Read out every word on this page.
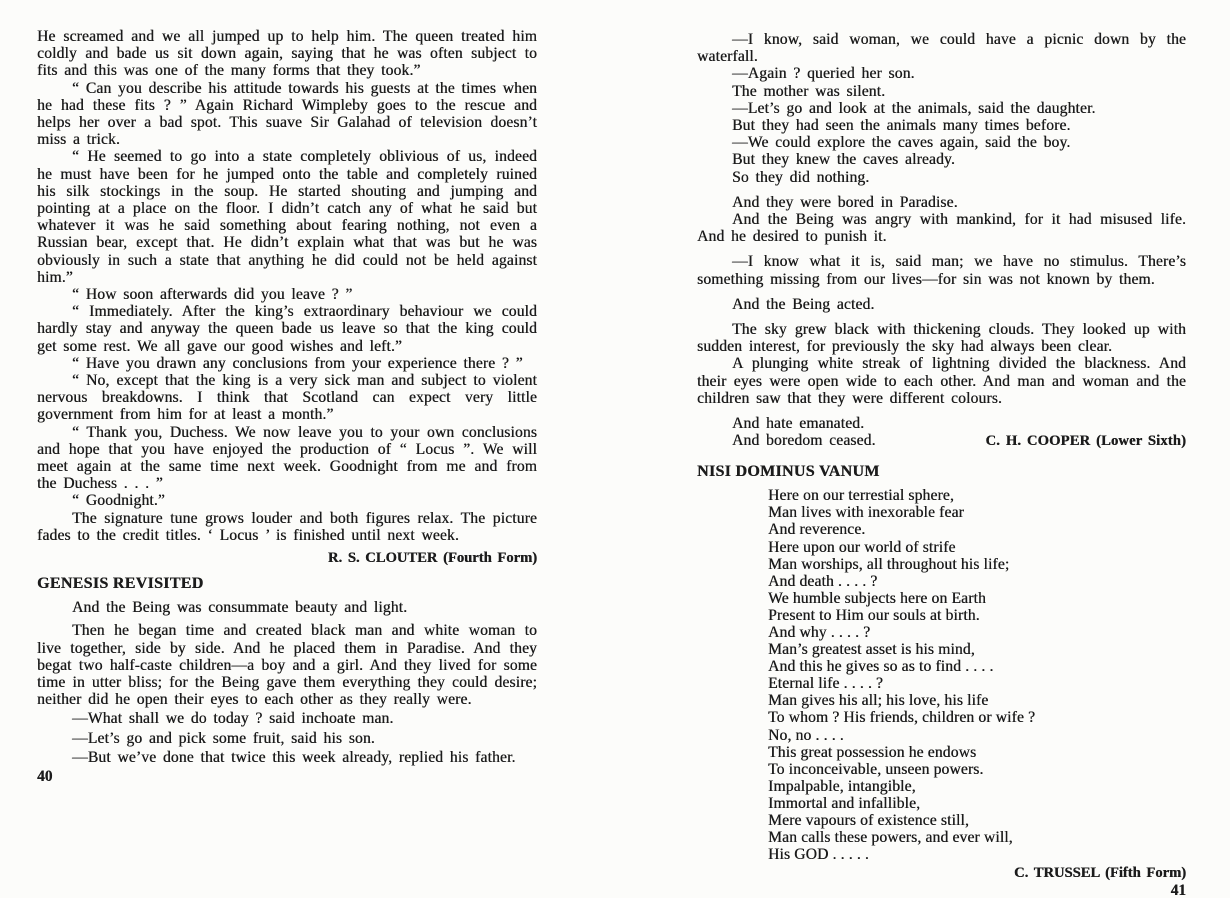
He screamed and we all jumped up to help him. The queen treated him coldly and bade us sit down again, saying that he was often subject to fits and this was one of the many forms that they took.”

“ Can you describe his attitude towards his guests at the times when he had these fits ? ” Again Richard Wimpleby goes to the rescue and helps her over a bad spot. This suave Sir Galahad of television doesn’t miss a trick.

“ He seemed to go into a state completely oblivious of us, indeed he must have been for he jumped onto the table and completely ruined his silk stockings in the soup. He started shouting and jumping and pointing at a place on the floor. I didn’t catch any of what he said but whatever it was he said something about fearing nothing, not even a Russian bear, except that. He didn’t explain what that was but he was obviously in such a state that anything he did could not be held against him.”

“ How soon afterwards did you leave ? ”

“ Immediately. After the king’s extraordinary behaviour we could hardly stay and anyway the queen bade us leave so that the king could get some rest. We all gave our good wishes and left.”

“ Have you drawn any conclusions from your experience there ? ”

“ No, except that the king is a very sick man and subject to violent nervous breakdowns. I think that Scotland can expect very little government from him for at least a month.”

“ Thank you, Duchess. We now leave you to your own conclusions and hope that you have enjoyed the production of “ Locus ”. We will meet again at the same time next week. Goodnight from me and from the Duchess . . . ”

“ Goodnight.”

The signature tune grows louder and both figures relax. The picture fades to the credit titles. ‘ Locus ’ is finished until next week.

R. S. CLOUTER (Fourth Form)

GENESIS REVISITED

And the Being was consummate beauty and light.

Then he began time and created black man and white woman to live together, side by side. And he placed them in Paradise. And they begat two half-caste children—a boy and a girl. And they lived for some time in utter bliss; for the Being gave them everything they could desire; neither did he open their eyes to each other as they really were.

—What shall we do today ? said inchoate man.

—Let’s go and pick some fruit, said his son.

—But we’ve done that twice this week already, replied his father.

40

—I know, said woman, we could have a picnic down by the waterfall.

—Again ? queried her son.

The mother was silent.

—Let’s go and look at the animals, said the daughter.

But they had seen the animals many times before.

—We could explore the caves again, said the boy.

But they knew the caves already.

So they did nothing.

And they were bored in Paradise.

And the Being was angry with mankind, for it had misused life. And he desired to punish it.

—I know what it is, said man; we have no stimulus. There’s something missing from our lives—for sin was not known by them.

And the Being acted.

The sky grew black with thickening clouds. They looked up with sudden interest, for previously the sky had always been clear.

A plunging white streak of lightning divided the blackness. And their eyes were open wide to each other. And man and woman and the children saw that they were different colours.

And hate emanated.

And boredom ceased.	C. H. COOPER (Lower Sixth)

NISI DOMINUS VANUM
Here on our terrestial sphere,
Man lives with inexorable fear
And reverence.
Here upon our world of strife
Man worships, all throughout his life;
And death . . . . ?
We humble subjects here on Earth
Present to Him our souls at birth.
And why . . . . ?
Man’s greatest asset is his mind,
And this he gives so as to find . . . .
Eternal life . . . . ?
Man gives his all; his love, his life
To whom ? His friends, children or wife ?
No, no . . . .
This great possession he endows
To inconceivable, unseen powers.
Impalpable, intangible,
Immortal and infallible,
Mere vapours of existence still,
Man calls these powers, and ever will,
His GOD . . . . .

C. TRUSSEL (Fifth Form)

41
